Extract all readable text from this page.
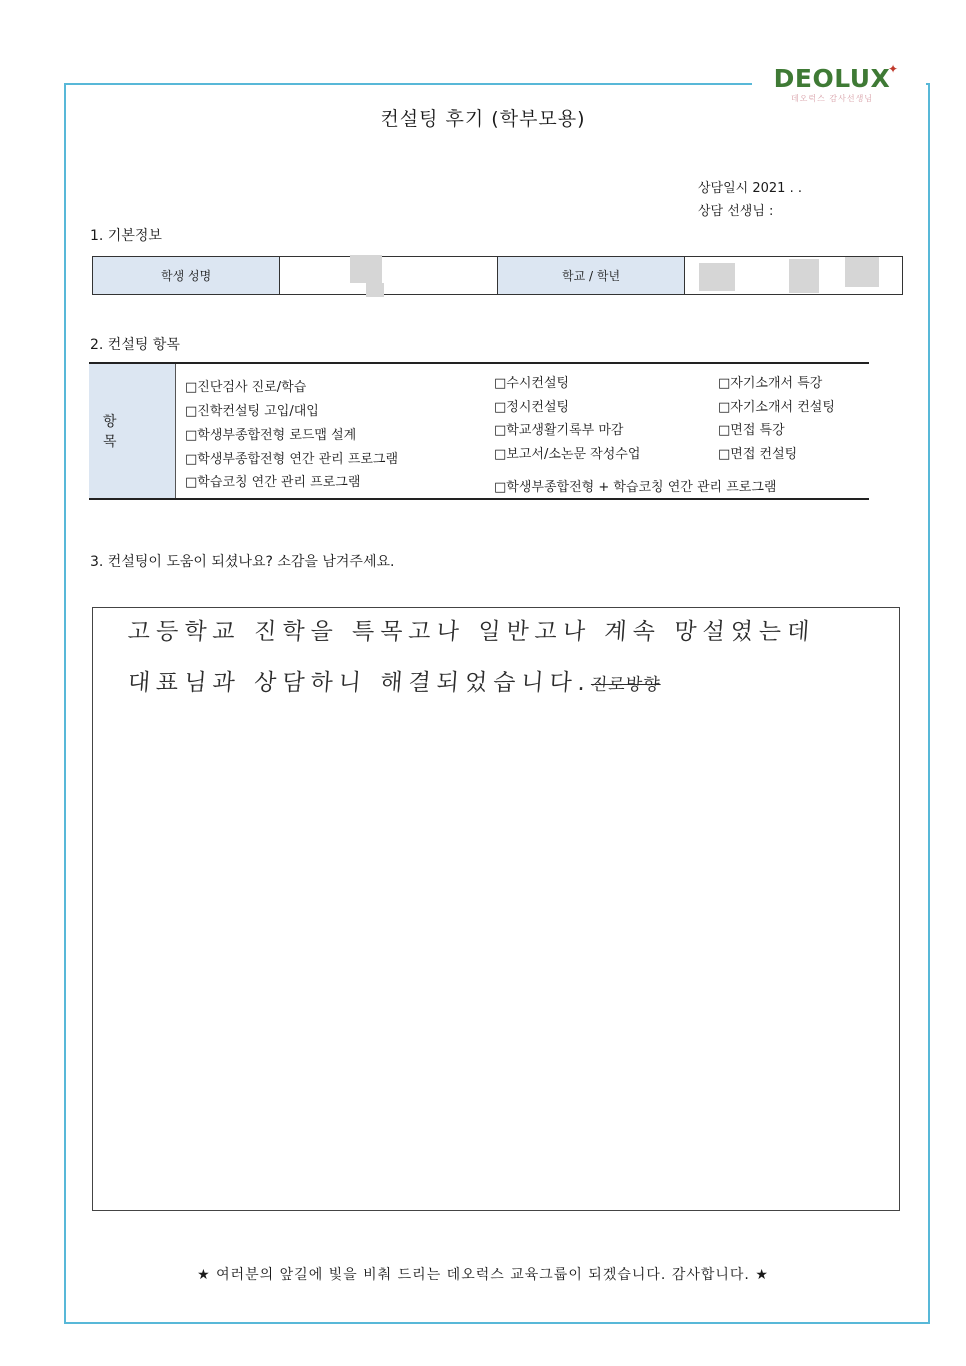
DEOLUX
✦
데오럭스 감사선생님
컨설팅 후기 (학부모용)
상담일시 2021 . .
상담 선생님 :
1. 기본정보
학생 성명		학교 / 학년	
2. 컨설팅 항목
항 목
□진단검사 진로/학습
□진학컨설팅 고입/대입
□학생부종합전형 로드맵 설계
□학생부종합전형 연간 관리 프로그램
□학습코칭 연간 관리 프로그램
□수시컨설팅
□정시컨설팅
□학교생활기록부 마감
□보고서/소논문 작성수업
□학생부종합전형 + 학습코칭 연간 관리 프로그램
□자기소개서 특강
□자기소개서 컨설팅
□면접 특강
□면접 컨설팅
3. 컨설팅이 도움이 되셨나요? 소감을 남겨주세요.
고등학교 진학을 특목고나 일반고나 계속 망설였는데
대표님과 상담하니 해결되었습니다.진로방향
★ 여러분의 앞길에 빛을 비춰 드리는 데오럭스 교육그룹이 되겠습니다. 감사합니다. ★
